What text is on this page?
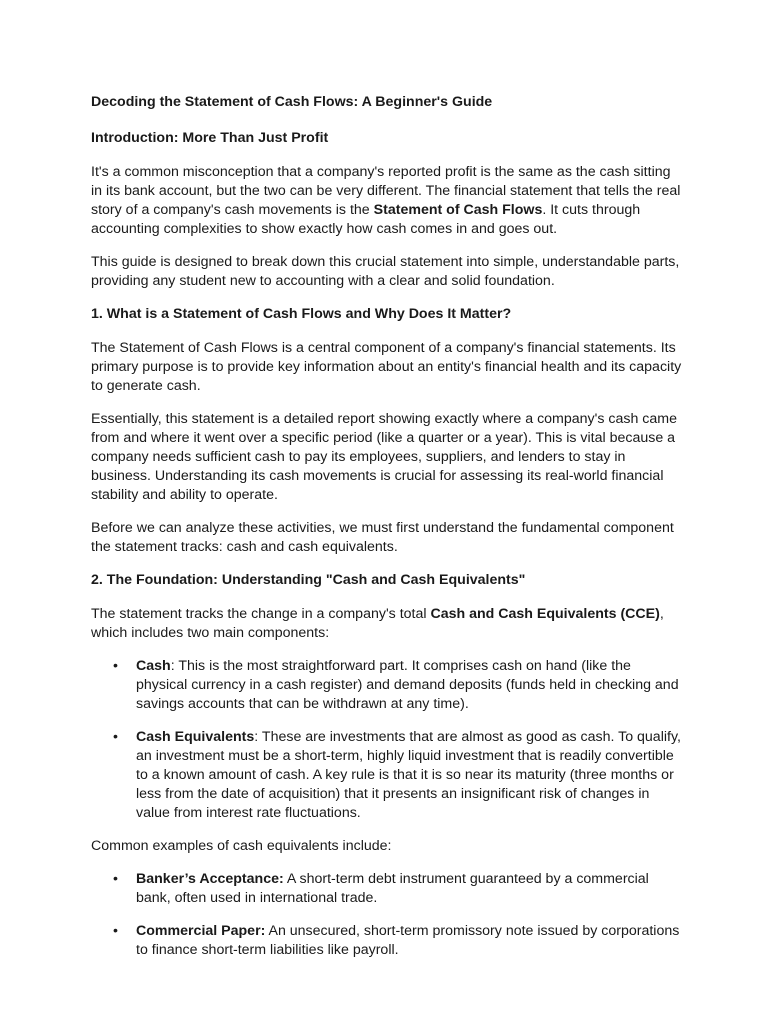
Decoding the Statement of Cash Flows: A Beginner's Guide
Introduction: More Than Just Profit

It's a common misconception that a company's reported profit is the same as the cash sitting in its bank account, but the two can be very different. The financial statement that tells the real story of a company's cash movements is the Statement of Cash Flows. It cuts through accounting complexities to show exactly how cash comes in and goes out.

This guide is designed to break down this crucial statement into simple, understandable parts, providing any student new to accounting with a clear and solid foundation.

1. What is a Statement of Cash Flows and Why Does It Matter?

The Statement of Cash Flows is a central component of a company's financial statements. Its primary purpose is to provide key information about an entity's financial health and its capacity to generate cash.

Essentially, this statement is a detailed report showing exactly where a company's cash came from and where it went over a specific period (like a quarter or a year). This is vital because a company needs sufficient cash to pay its employees, suppliers, and lenders to stay in business. Understanding its cash movements is crucial for assessing its real-world financial stability and ability to operate.

Before we can analyze these activities, we must first understand the fundamental component the statement tracks: cash and cash equivalents.

2. The Foundation: Understanding "Cash and Cash Equivalents"

The statement tracks the change in a company's total Cash and Cash Equivalents (CCE), which includes two main components:

• Cash: This is the most straightforward part. It comprises cash on hand (like the physical currency in a cash register) and demand deposits (funds held in checking and savings accounts that can be withdrawn at any time).
• Cash Equivalents: These are investments that are almost as good as cash. To qualify, an investment must be a short-term, highly liquid investment that is readily convertible to a known amount of cash. A key rule is that it is so near its maturity (three months or less from the date of acquisition) that it presents an insignificant risk of changes in value from interest rate fluctuations.

Common examples of cash equivalents include:

• Banker’s Acceptance: A short-term debt instrument guaranteed by a commercial bank, often used in international trade.
• Commercial Paper: An unsecured, short-term promissory note issued by corporations to finance short-term liabilities like payroll.
